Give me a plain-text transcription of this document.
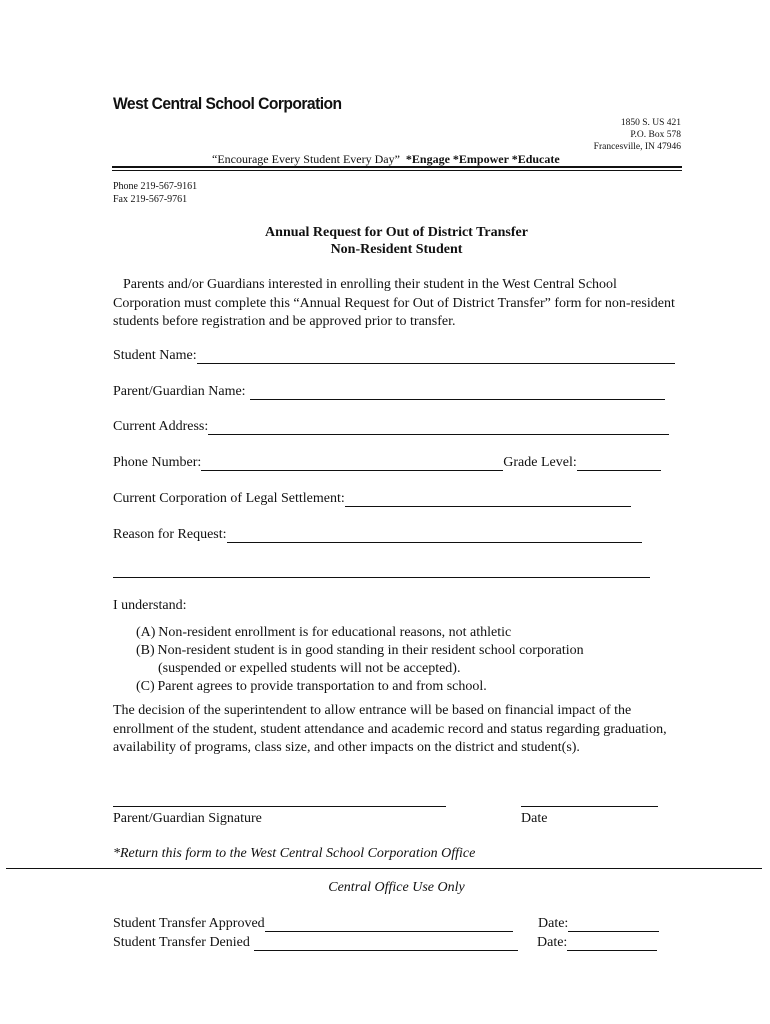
West Central School Corporation
1850 S. US 421
P.O. Box 578
Francesville, IN 47946
“Encourage Every Student Every Day” *Engage *Empower *Educate
Phone 219-567-9161
Fax 219-567-9761
Annual Request for Out of District Transfer
Non-Resident Student
Parents and/or Guardians interested in enrolling their student in the West Central School Corporation must complete this “Annual Request for Out of District Transfer” form for non-resident students before registration and be approved prior to transfer.
Student Name:
Parent/Guardian Name:
Current Address:
Phone Number:	Grade Level:
Current Corporation of Legal Settlement:
Reason for Request:
I understand:
(A) Non-resident enrollment is for educational reasons, not athletic
(B) Non-resident student is in good standing in their resident school corporation
(suspended or expelled students will not be accepted).
(C) Parent agrees to provide transportation to and from school.
The decision of the superintendent to allow entrance will be based on financial impact of the enrollment of the student, student attendance and academic record and status regarding graduation, availability of programs, class size, and other impacts on the district and student(s).
Parent/Guardian Signature	Date
*Return this form to the West Central School Corporation Office
Central Office Use Only
Student Transfer Approved	Date:
Student Transfer Denied	Date:
